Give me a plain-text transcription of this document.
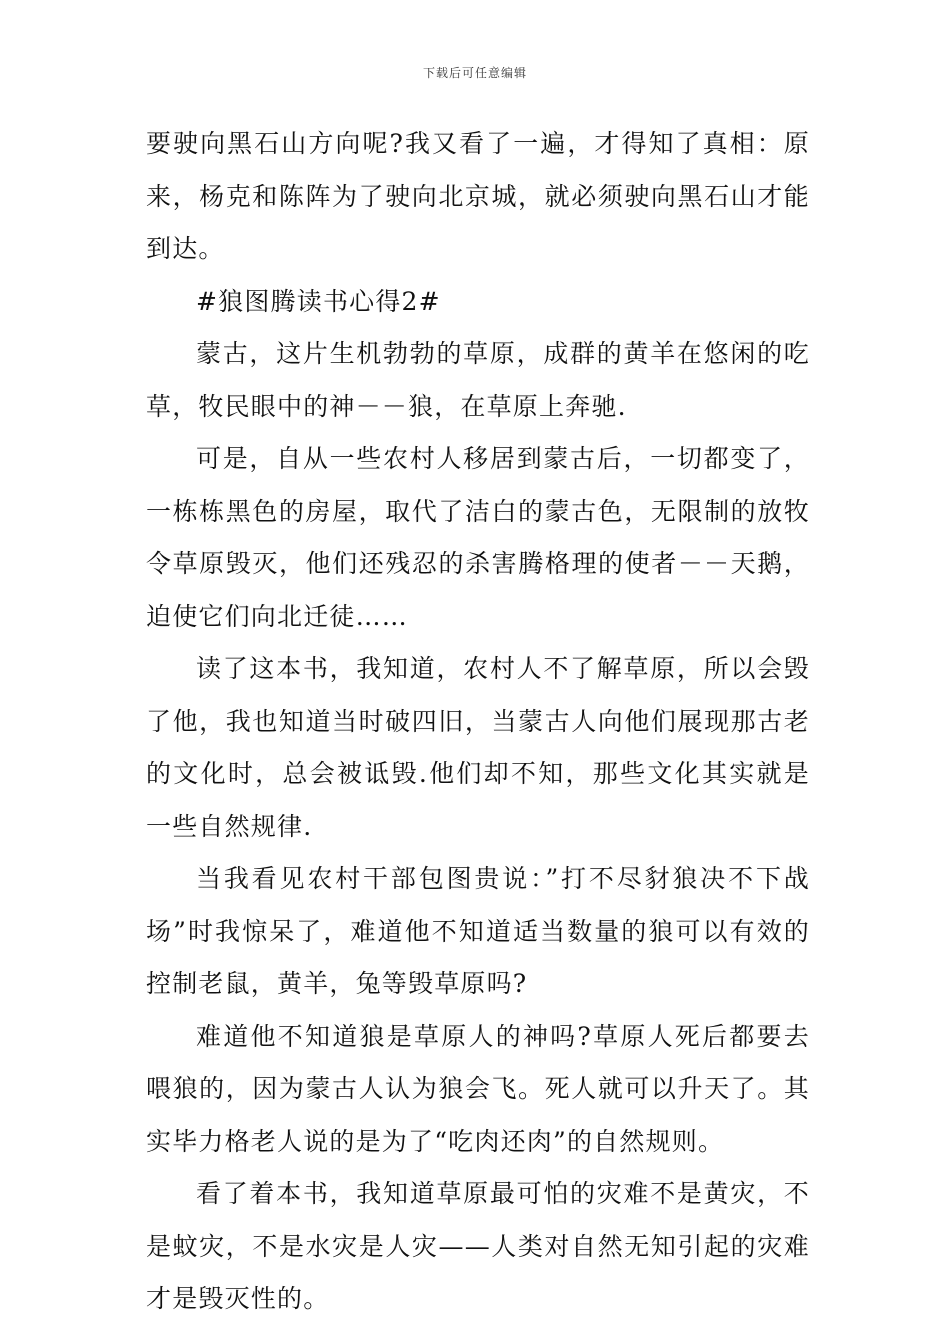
下载后可任意编辑

要驶向黑石山方向呢?我又看了一遍，才得知了真相：原来，杨克和陈阵为了驶向北京城，就必须驶向黑石山才能到达。

#狼图腾读书心得2#

蒙古，这片生机勃勃的草原，成群的黄羊在悠闲的吃草，牧民眼中的神－－狼，在草原上奔驰.

可是，自从一些农村人移居到蒙古后，一切都变了，一栋栋黑色的房屋，取代了洁白的蒙古色，无限制的放牧令草原毁灭，他们还残忍的杀害腾格理的使者－－天鹅，迫使它们向北迁徒……

读了这本书，我知道，农村人不了解草原，所以会毁了他，我也知道当时破四旧，当蒙古人向他们展现那古老的文化时，总会被诋毁.他们却不知，那些文化其实就是一些自然规律.

当我看见农村干部包图贵说：”打不尽豺狼决不下战场”时我惊呆了，难道他不知道适当数量的狼可以有效的控制老鼠，黄羊，兔等毁草原吗?

难道他不知道狼是草原人的神吗?草原人死后都要去喂狼的，因为蒙古人认为狼会飞。死人就可以升天了。其实毕力格老人说的是为了“吃肉还肉”的自然规则。

看了着本书，我知道草原最可怕的灾难不是黄灾，不是蚊灾，不是水灾是人灾——人类对自然无知引起的灾难才是毁灭性的。
